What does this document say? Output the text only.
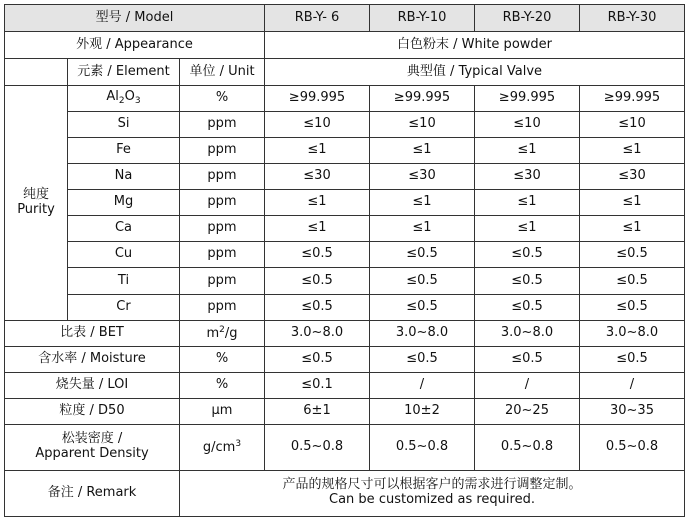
型号 / Model			RB-Y- 6	RB-Y-10	RB-Y-20	RB-Y-30
外观 / Appearance			白色粉末 / White powder			
	元素 / Element	单位 / Unit	典型值 / Typical Valve			

纯度
Purity	$Al_2O_3$	%	≥99.995	≥99.995	≥99.995	≥99.995
	Si	ppm	≤10	≤10	≤10	≤10
	Fe	ppm	≤1	≤1	≤1	≤1
	Na	ppm	≤30	≤30	≤30	≤30
	Mg	ppm	≤1	≤1	≤1	≤1
	Ca	ppm	≤1	≤1	≤1	≤1
	Cu	ppm	≤0.5	≤0.5	≤0.5	≤0.5
	Ti	ppm	≤0.5	≤0.5	≤0.5	≤0.5
	Cr	ppm	≤0.5	≤0.5	≤0.5	≤0.5
比表 / BET		$m^2/g$	3.0~8.0	3.0~8.0	3.0~8.0	3.0~8.0
含水率 / Moisture		%	≤0.5	≤0.5	≤0.5	≤0.5
烧失量 / LOI		%	≤0.1	/	/	/
粒度 / D50		μm	6±1	10±2	20~25	30~35

松装密度 /
Apparent Density		$g/cm^3$	0.5~0.8	0.5~0.8	0.5~0.8	0.5~0.8
备注 / Remark		产品的规格尺寸可以根据客户的需求进行调整定制。
Can be customized as required.				
